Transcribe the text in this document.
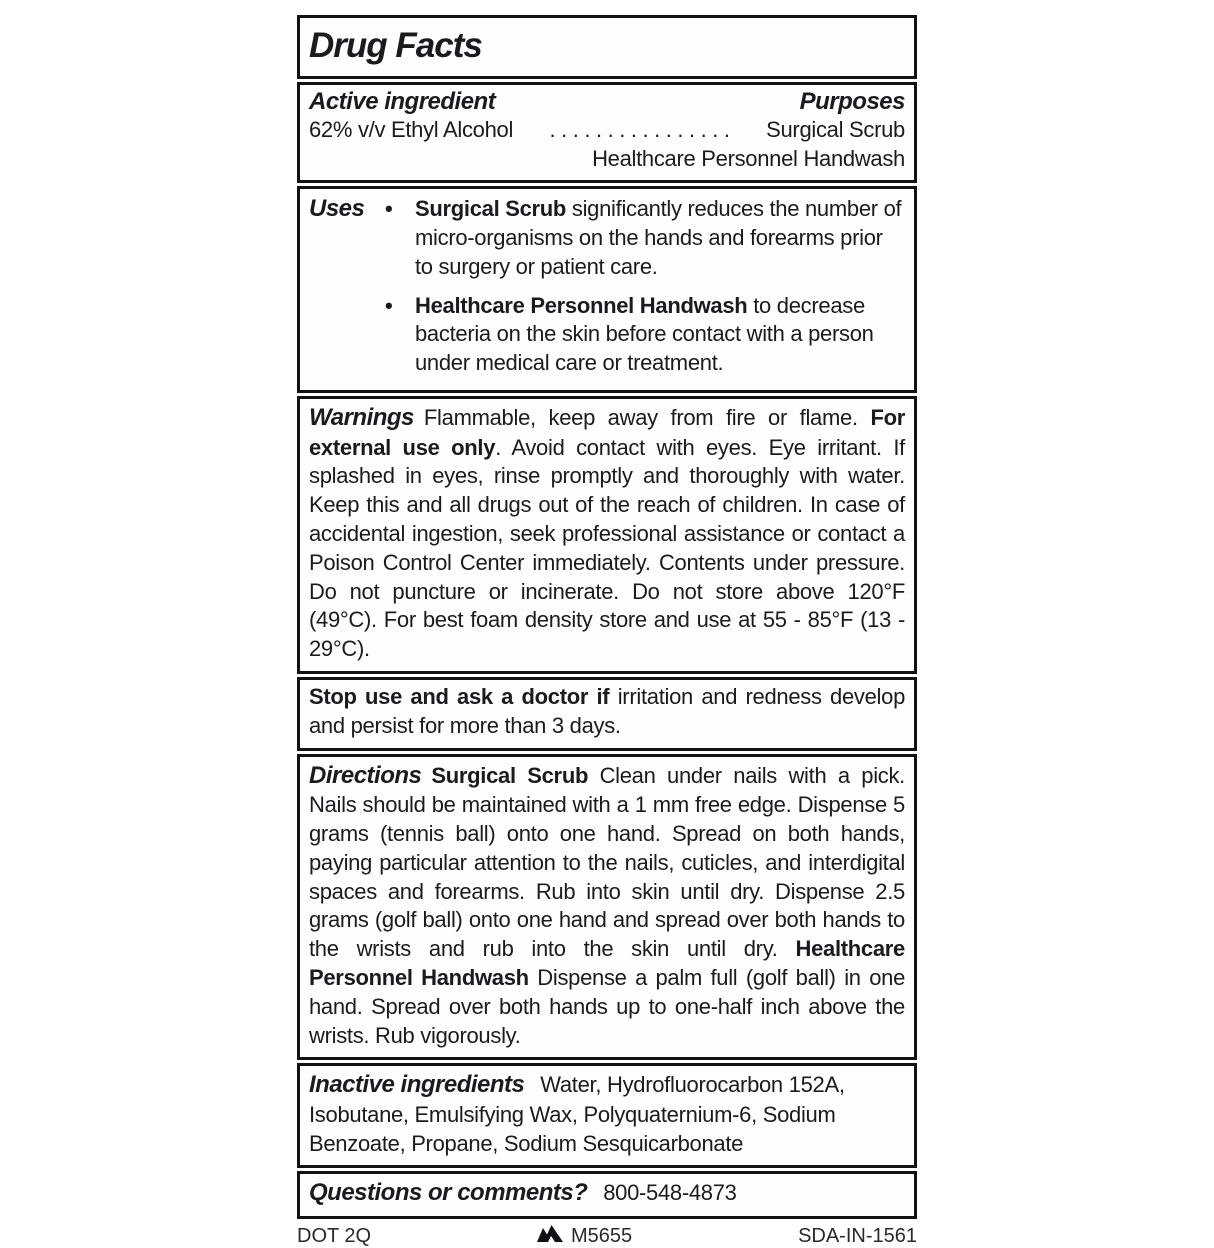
Drug Facts
Active ingredient	Purposes
62% v/v Ethyl Alcohol	. . . . . . . . . . . . . . . .	Surgical Scrub
Healthcare Personnel Handwash
Uses •	Surgical Scrub significantly reduces the number of micro-organisms on the hands and forearms prior to surgery or patient care.

•	Healthcare Personnel Handwash to decrease bacteria on the skin before contact with a person under medical care or treatment.

Warnings Flammable, keep away from fire or flame. For external use only. Avoid contact with eyes. Eye irritant. If splashed in eyes, rinse promptly and thoroughly with water. Keep this and all drugs out of the reach of children. In case of accidental ingestion, seek professional assistance or contact a Poison Control Center immediately. Contents under pressure. Do not puncture or incinerate. Do not store above 120°F (49°C). For best foam density store and use at 55 - 85°F (13 - 29°C).

Stop use and ask a doctor if irritation and redness develop and persist for more than 3 days.

Directions Surgical Scrub Clean under nails with a pick. Nails should be maintained with a 1 mm free edge. Dispense 5 grams (tennis ball) onto one hand. Spread on both hands, paying particular attention to the nails, cuticles, and interdigital spaces and forearms. Rub into skin until dry. Dispense 2.5 grams (golf ball) onto one hand and spread over both hands to the wrists and rub into the skin until dry. Healthcare Personnel Handwash Dispense a palm full (golf ball) in one hand. Spread over both hands up to one-half inch above the wrists. Rub vigorously.

Inactive ingredients Water, Hydrofluorocarbon 152A, Isobutane, Emulsifying Wax, Polyquaternium-6, Sodium Benzoate, Propane, Sodium Sesquicarbonate

Questions or comments? 800-548-4873

DOT 2Q	M5655	SDA-IN-1561
